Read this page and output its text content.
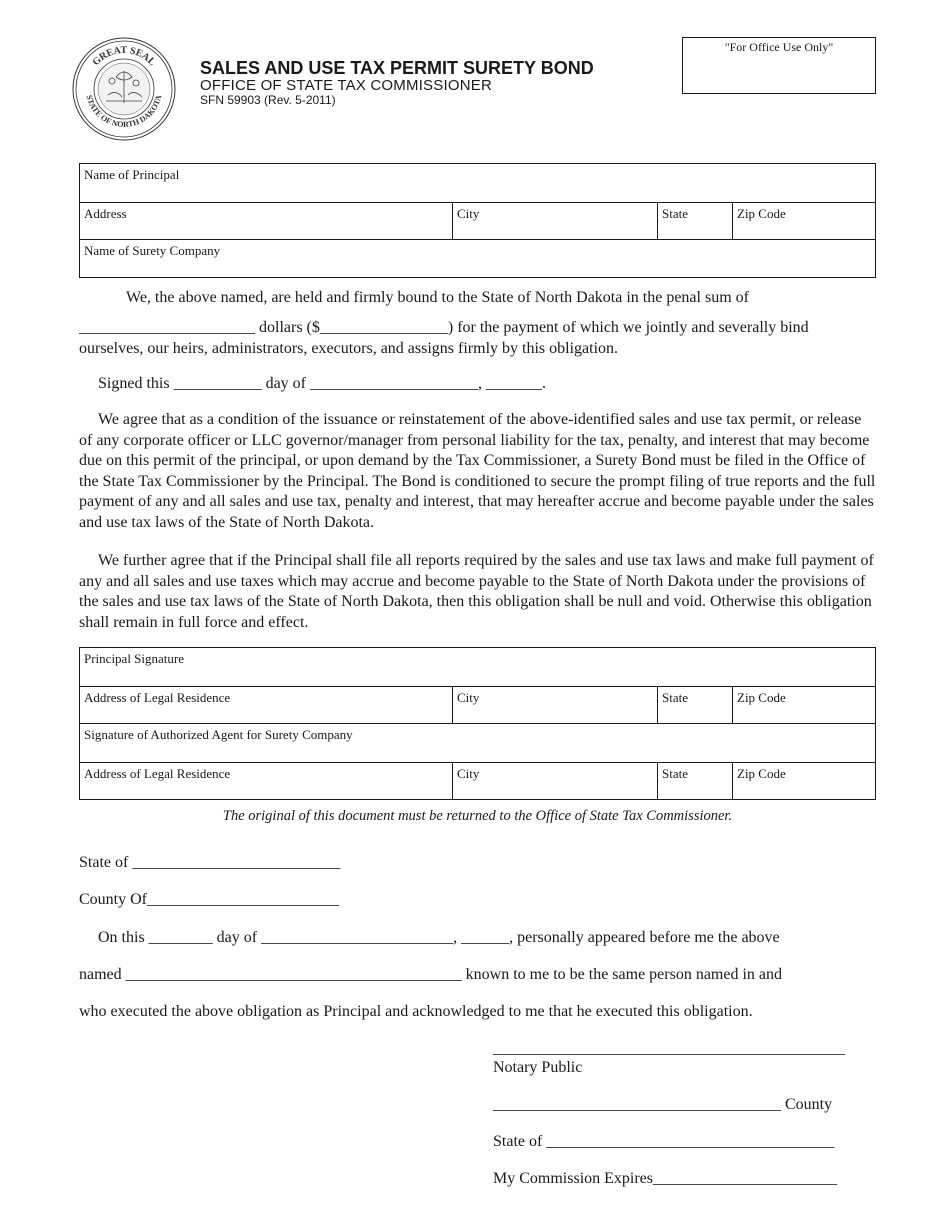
GREAT SEAL
STATE OF NORTH DAKOTA
SALES AND USE TAX PERMIT SURETY BOND
OFFICE OF STATE TAX COMMISSIONER
SFN 59903 (Rev. 5-2011)
"For Office Use Only"
Name of Principal
Address	City	State	Zip Code
Name of Surety Company
We, the above named, are held and firmly bound to the State of North Dakota in the penal sum of
______________________ dollars ($________________) for the payment of which we jointly and severally bind
ourselves, our heirs, administrators, executors, and assigns firmly by this obligation.
Signed this ___________ day of _____________________, _______.

We agree that as a condition of the issuance or reinstatement of the above-identified sales and use tax permit, or release of any corporate officer or LLC governor/manager from personal liability for the tax, penalty, and interest that may become due on this permit of the principal, or upon demand by the Tax Commissioner, a Surety Bond must be filed in the Office of the State Tax Commissioner by the Principal. The Bond is conditioned to secure the prompt filing of true reports and the full payment of any and all sales and use tax, penalty and interest, that may hereafter accrue and become payable under the sales and use tax laws of the State of North Dakota.

We further agree that if the Principal shall file all reports required by the sales and use tax laws and make full payment of any and all sales and use taxes which may accrue and become payable to the State of North Dakota under the provisions of the sales and use tax laws of the State of North Dakota, then this obligation shall be null and void. Otherwise this obligation shall remain in full force and effect.

Principal Signature
Address of Legal Residence	City	State	Zip Code
Signature of Authorized Agent for Surety Company
Address of Legal Residence	City	State	Zip Code
The original of this document must be returned to the Office of State Tax Commissioner.
State of __________________________
County Of________________________
On this ________ day of ________________________, ______, personally appeared before me the above
named __________________________________________ known to me to be the same person named in and
who executed the above obligation as Principal and acknowledged to me that he executed this obligation.
____________________________________________
Notary Public
____________________________________ County
State of ____________________________________
My Commission Expires_______________________
